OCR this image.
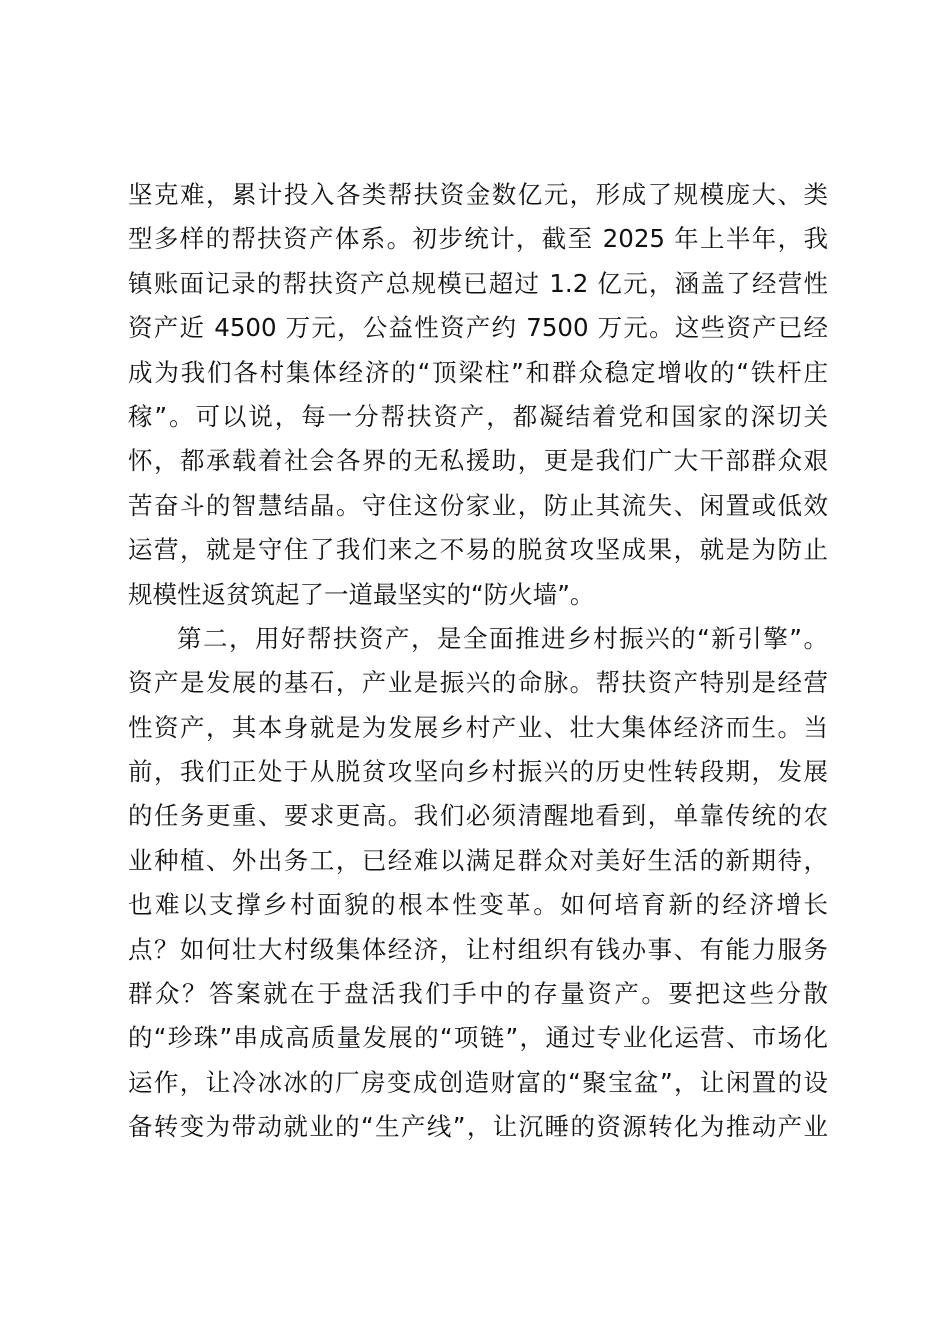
坚克难，累计投入各类帮扶资金数亿元，形成了规模庞大、类
型多样的帮扶资产体系。初步统计，截至 2025 年上半年，我
镇账面记录的帮扶资产总规模已超过 1.2 亿元，涵盖了经营性
资产近 4500 万元，公益性资产约 7500 万元。这些资产已经
成为我们各村集体经济的“顶梁柱”和群众稳定增收的“铁杆庄
稼”。可以说，每一分帮扶资产，都凝结着党和国家的深切关
怀，都承载着社会各界的无私援助，更是我们广大干部群众艰
苦奋斗的智慧结晶。守住这份家业，防止其流失、闲置或低效
运营，就是守住了我们来之不易的脱贫攻坚成果，就是为防止
规模性返贫筑起了一道最坚实的“防火墙”。
第二，用好帮扶资产，是全面推进乡村振兴的“新引擎”。
资产是发展的基石，产业是振兴的命脉。帮扶资产特别是经营
性资产，其本身就是为发展乡村产业、壮大集体经济而生。当
前，我们正处于从脱贫攻坚向乡村振兴的历史性转段期，发展
的任务更重、要求更高。我们必须清醒地看到，单靠传统的农
业种植、外出务工，已经难以满足群众对美好生活的新期待，
也难以支撑乡村面貌的根本性变革。如何培育新的经济增长
点？如何壮大村级集体经济，让村组织有钱办事、有能力服务
群众？答案就在于盘活我们手中的存量资产。要把这些分散
的“珍珠”串成高质量发展的“项链”，通过专业化运营、市场化
运作，让冷冰冰的厂房变成创造财富的“聚宝盆”，让闲置的设
备转变为带动就业的“生产线”，让沉睡的资源转化为推动产业
